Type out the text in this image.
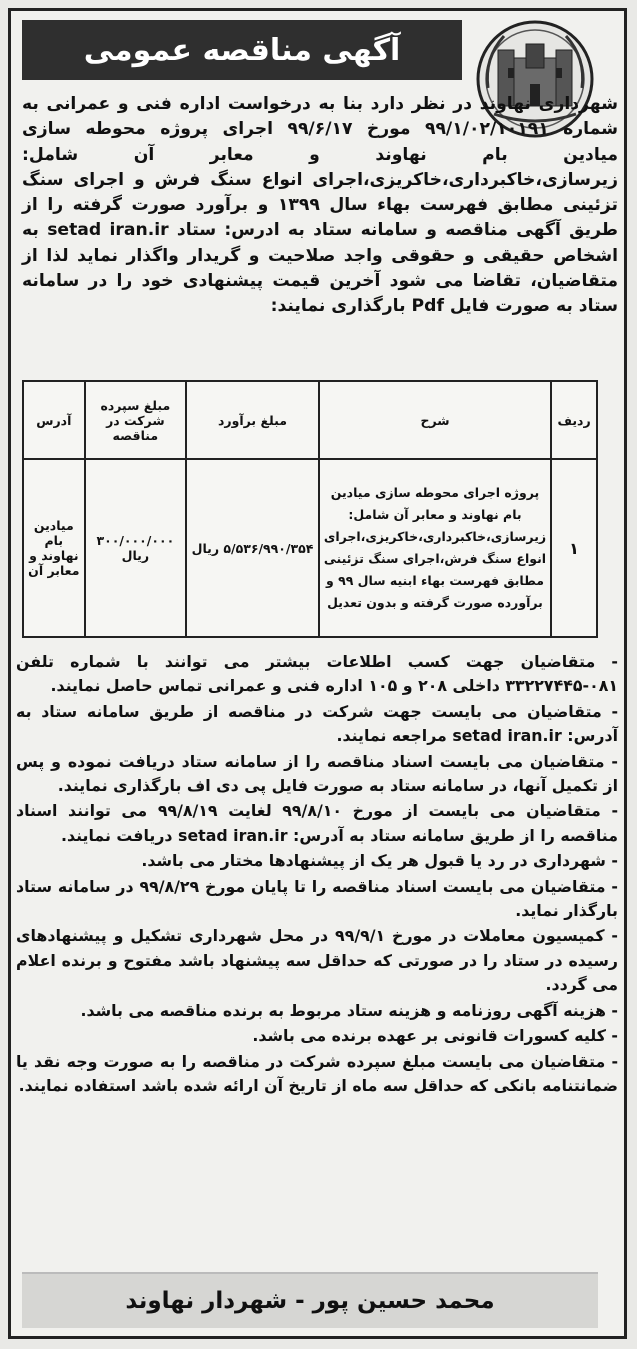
آگهی مناقصه عمومی

شهرداری نهاوند در نظر دارد بنا به درخواست اداره فنی و عمرانی به شماره ۹۹/۱/۰۲/۱۰۱۹۱ مورخ ۹۹/۶/۱۷ اجرای پروژه محوطه سازی میادین بام نهاوند و معابر آن شامل: زیرسازی،خاکبرداری،خاکریزی،اجرای انواع سنگ فرش و اجرای سنگ تزئینی مطابق فهرست بهاء سال ۱۳۹۹ و برآورد صورت گرفته را از طریق آگهی مناقصه و سامانه ستاد به ادرس: ستاد setad iran.ir به اشخاص حقیقی و حقوقی واجد صلاحیت و گریدار واگذار نماید لذا از متقاضیان، تقاضا می شود آخرین قیمت پیشنهادی خود را در سامانه ستاد به صورت فایل Pdf بارگذاری نمایند:

ردیف	شرح	مبلغ برآورد	مبلغ سپرده شرکت در مناقصه	آدرس
۱	پروژه اجرای محوطه سازی میادین بام نهاوند و معابر آن شامل: زیرسازی،خاکبرداری،خاکریزی،اجرای انواع سنگ فرش،اجرای سنگ تزئینی مطابق فهرست بهاء ابنیه سال ۹۹ و برآورده صورت گرفته و بدون تعدیل	۵/۵۳۶/۹۹۰/۳۵۴ ریال	۳۰۰/۰۰۰/۰۰۰ ریال	میادین بام نهاوند و معابر آن

- متقاضیان جهت کسب اطلاعات بیشتر می توانند با شماره تلفن ۰۸۱-۳۳۲۲۷۴۴۵ داخلی ۲۰۸ و ۱۰۵ اداره فنی و عمرانی تماس حاصل نمایند.

- متقاضیان می بایست جهت شرکت در مناقصه از طریق سامانه ستاد به آدرس: setad iran.ir مراجعه نمایند.

- متقاضیان می بایست اسناد مناقصه را از سامانه ستاد دریافت نموده و پس از تکمیل آنها، در سامانه ستاد به صورت فایل پی دی اف بارگذاری نمایند.

- متقاضیان می بایست از مورخ ۹۹/۸/۱۰ لغایت ۹۹/۸/۱۹ می توانند اسناد مناقصه را از طریق سامانه ستاد به آدرس: setad iran.ir دریافت نمایند.

- شهرداری در رد یا قبول هر یک از پیشنهادها مختار می باشد.

- متقاضیان می بایست اسناد مناقصه را تا پایان مورخ ۹۹/۸/۲۹ در سامانه ستاد بارگذار نماید.

- کمیسیون معاملات در مورخ ۹۹/۹/۱ در محل شهرداری تشکیل و پیشنهادهای رسیده در ستاد را در صورتی که حداقل سه پیشنهاد باشد مفتوح و برنده اعلام می گردد.

- هزینه آگهی روزنامه و هزینه ستاد مربوط به برنده مناقصه می باشد.

- کلیه کسورات قانونی بر عهده برنده می باشد.

- متقاضیان می بایست مبلغ سپرده شرکت در مناقصه را به صورت وجه نقد یا ضمانتنامه بانکی که حداقل سه ماه از تاریخ آن ارائه شده باشد استفاده نمایند.

محمد حسین پور - شهردار نهاوند
